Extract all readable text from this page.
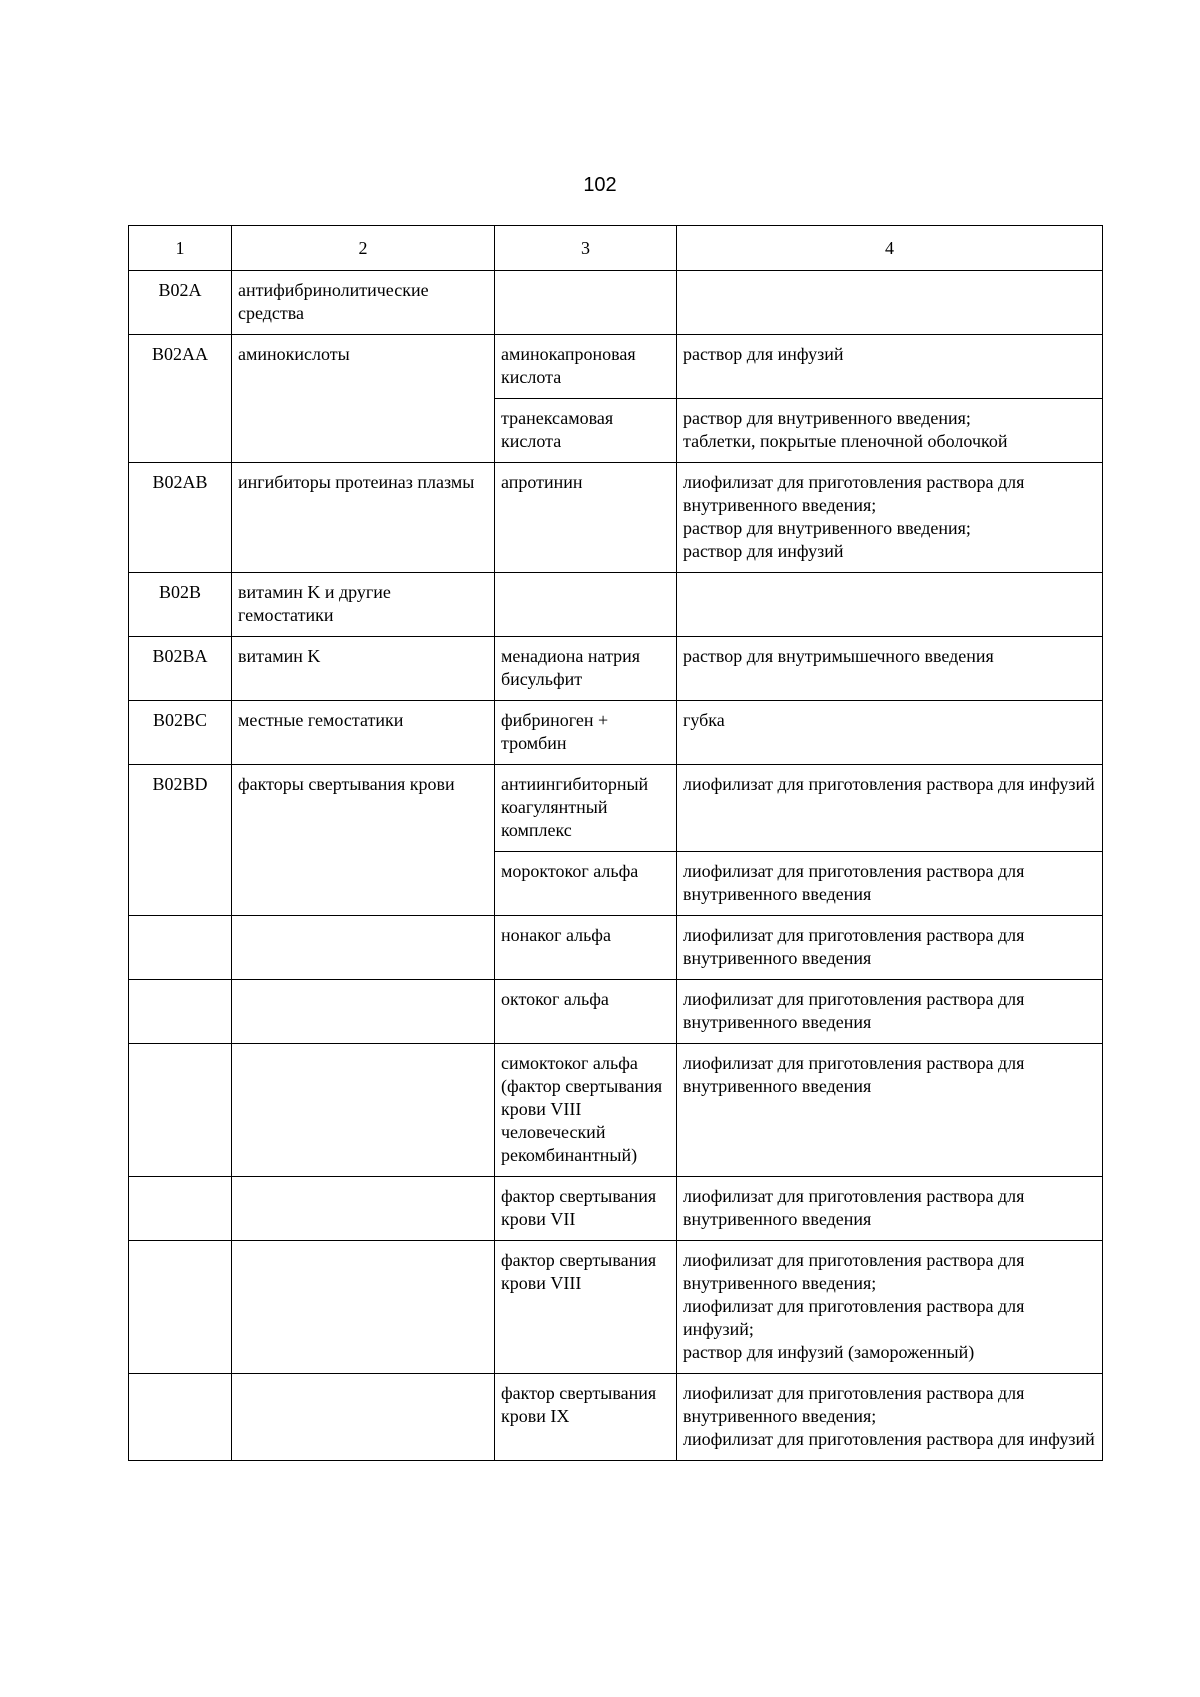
102
1	2	3	4
B02A	антифибринолитические средства		
B02AA	аминокислоты	аминокапроновая кислота	раствор для инфузий
		транексамовая кислота	раствор для внутривенного введения;
таблетки, покрытые пленочной оболочкой
B02AB	ингибиторы протеиназ плазмы	апротинин	лиофилизат для приготовления раствора для внутривенного введения;
раствор для внутривенного введения;
раствор для инфузий
B02B	витамин K и другие гемостатики		
B02BA	витамин K	менадиона натрия бисульфит	раствор для внутримышечного введения
B02BC	местные гемостатики	фибриноген + тромбин	губка
B02BD	факторы свертывания крови	антиингибиторный коагулянтный комплекс	лиофилизат для приготовления раствора для инфузий
		мороктоког альфа	лиофилизат для приготовления раствора для внутривенного введения
		нонаког альфа	лиофилизат для приготовления раствора для внутривенного введения
		октоког альфа	лиофилизат для приготовления раствора для внутривенного введения
		симоктоког альфа (фактор свертывания крови VIII человеческий рекомбинантный)	лиофилизат для приготовления раствора для внутривенного введения
		фактор свертывания крови VII	лиофилизат для приготовления раствора для внутривенного введения
		фактор свертывания крови VIII	лиофилизат для приготовления раствора для внутривенного введения;
лиофилизат для приготовления раствора для инфузий;
раствор для инфузий (замороженный)
		фактор свертывания крови IX	лиофилизат для приготовления раствора для внутривенного введения;
лиофилизат для приготовления раствора для инфузий
